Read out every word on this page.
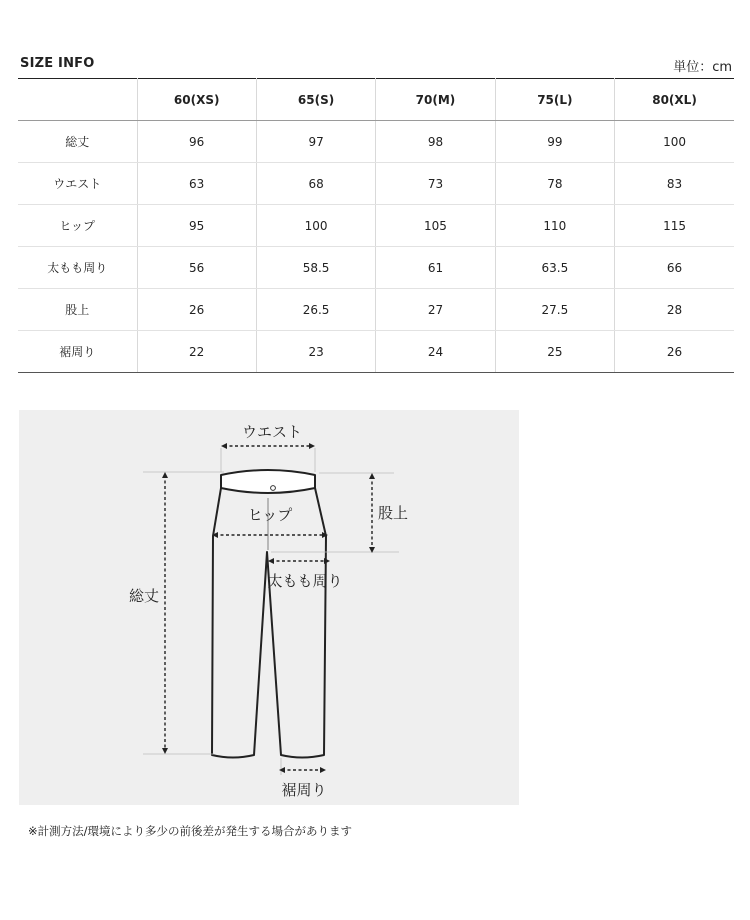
SIZE INFO	単位：cm
	60(XS)	65(S)	70(M)	75(L)	80(XL)
総丈	96	97	98	99	100
ウエスト	63	68	73	78	83
ヒップ	95	100	105	110	115
太もも周り	56	58.5	61	63.5	66
股上	26	26.5	27	27.5	28
裾周り	22	23	24	25	26
ウエスト
ヒップ	股上
太もも周り
総丈
裾周り
※計測方法/環境により多少の前後差が発生する場合があります
